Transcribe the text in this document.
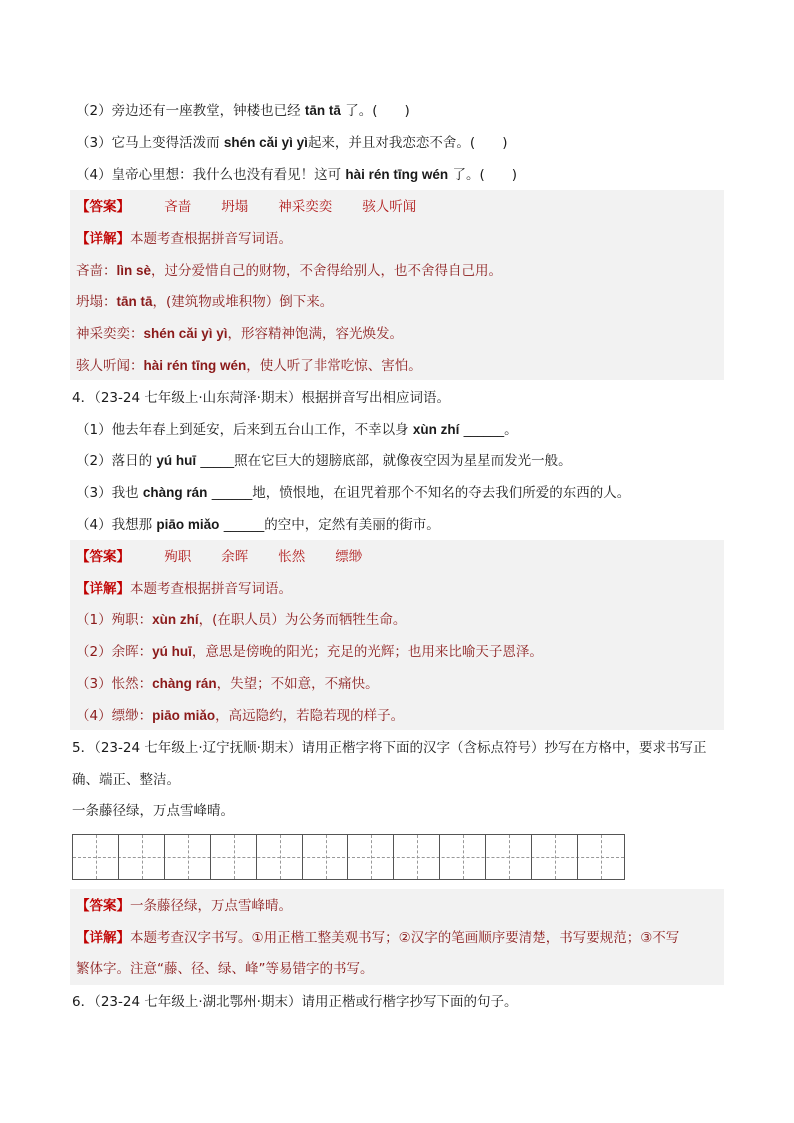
（2）旁边还有一座教堂，钟楼也已经 tān tā 了。(　　)
（3）它马上变得活泼而 shén cǎi yì yì起来，并且对我恋恋不舍。(　　)
（4）皇帝心里想：我什么也没有看见！这可 hài rén tīng wén 了。(　　)
【答案】	吝啬 坍塌 神采奕奕 骇人听闻
【详解】本题考查根据拼音写词语。
吝啬：lìn sè，过分爱惜自己的财物，不舍得给别人，也不舍得自己用。
坍塌：tān tā，(建筑物或堆积物）倒下来。
神采奕奕：shén cǎi yì yì，形容精神饱满，容光焕发。
骇人听闻：hài rén tīng wén，使人听了非常吃惊、害怕。
4．（23-24 七年级上·山东菏泽·期末）根据拼音写出相应词语。
（1）他去年春上到延安，后来到五台山工作，不幸以身 xùn zhí ______。
（2）落日的 yú huī _____照在它巨大的翅膀底部，就像夜空因为星星而发光一般。
（3）我也 chàng rán ______地，愤恨地，在诅咒着那个不知名的夺去我们所爱的东西的人。
（4）我想那 piāo miǎo ______的空中，定然有美丽的街市。
【答案】	殉职 余晖 怅然 缥缈
【详解】本题考查根据拼音写词语。
（1）殉职：xùn zhí，(在职人员）为公务而牺牲生命。
（2）余晖：yú huī，意思是傍晚的阳光；充足的光辉；也用来比喻天子恩泽。
（3）怅然：chàng rán，失望；不如意，不痛快。
（4）缥缈：piāo miǎo，高远隐约，若隐若现的样子。
5．（23-24 七年级上·辽宁抚顺·期末）请用正楷字将下面的汉字（含标点符号）抄写在方格中，要求书写正
确、端正、整洁。
一条藤径绿，万点雪峰晴。
【答案】一条藤径绿，万点雪峰晴。
【详解】本题考查汉字书写。①用正楷工整美观书写；②汉字的笔画顺序要清楚，书写要规范；③不写
繁体字。注意“藤、径、绿、峰”等易错字的书写。
6．（23-24 七年级上·湖北鄂州·期末）请用正楷或行楷字抄写下面的句子。
